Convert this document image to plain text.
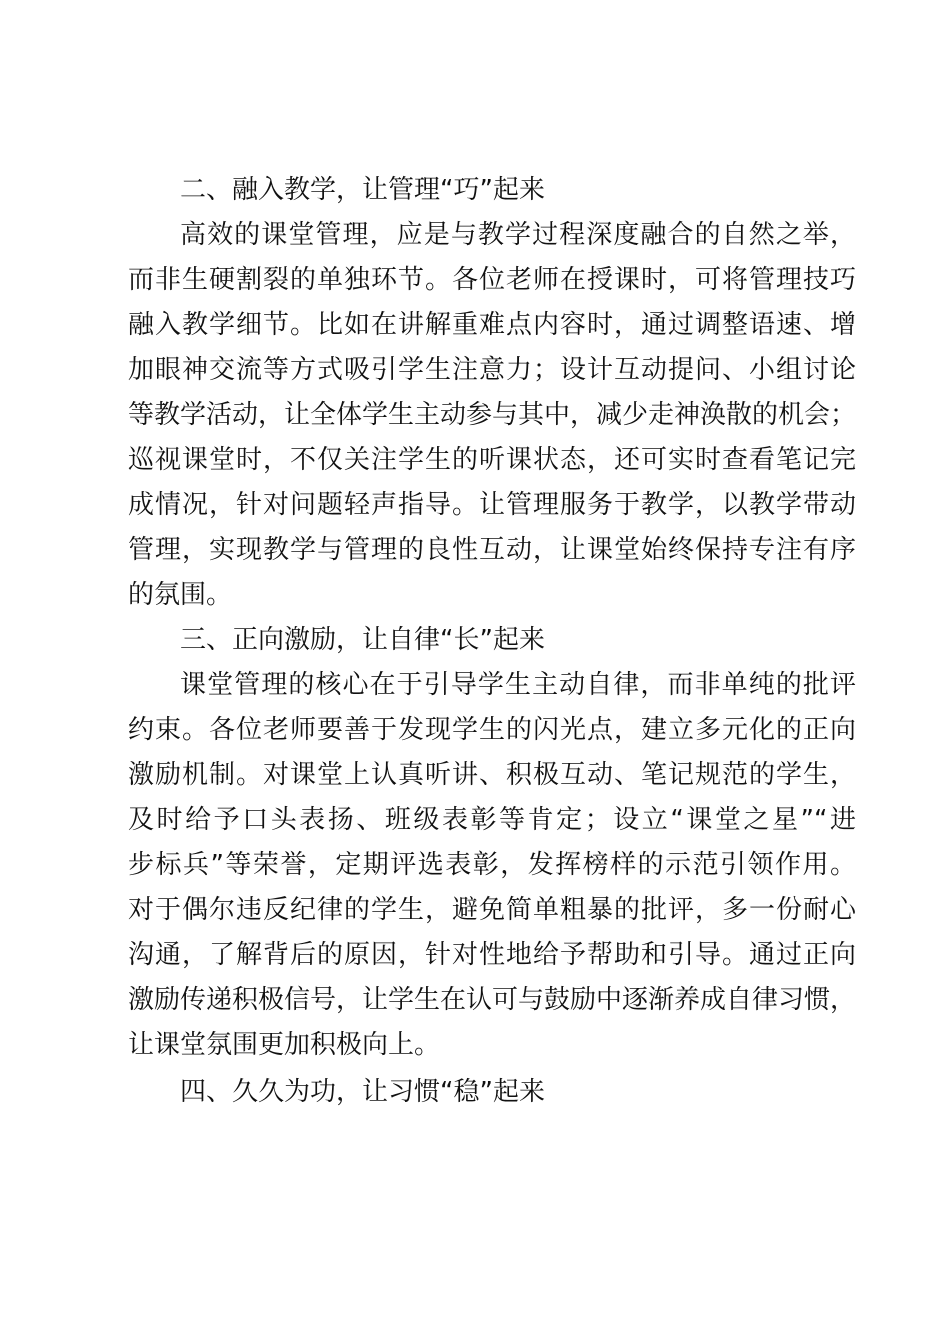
二、融入教学，让管理“巧”起来
高效的课堂管理，应是与教学过程深度融合的自然之举，
而非生硬割裂的单独环节。各位老师在授课时，可将管理技巧
融入教学细节。比如在讲解重难点内容时，通过调整语速、增
加眼神交流等方式吸引学生注意力；设计互动提问、小组讨论
等教学活动，让全体学生主动参与其中，减少走神涣散的机会；
巡视课堂时，不仅关注学生的听课状态，还可实时查看笔记完
成情况，针对问题轻声指导。让管理服务于教学，以教学带动
管理，实现教学与管理的良性互动，让课堂始终保持专注有序
的氛围。
三、正向激励，让自律“长”起来
课堂管理的核心在于引导学生主动自律，而非单纯的批评
约束。各位老师要善于发现学生的闪光点，建立多元化的正向
激励机制。对课堂上认真听讲、积极互动、笔记规范的学生，
及时给予口头表扬、班级表彰等肯定；设立“课堂之星”“进
步标兵”等荣誉，定期评选表彰，发挥榜样的示范引领作用。
对于偶尔违反纪律的学生，避免简单粗暴的批评，多一份耐心
沟通，了解背后的原因，针对性地给予帮助和引导。通过正向
激励传递积极信号，让学生在认可与鼓励中逐渐养成自律习惯，
让课堂氛围更加积极向上。
四、久久为功，让习惯“稳”起来
